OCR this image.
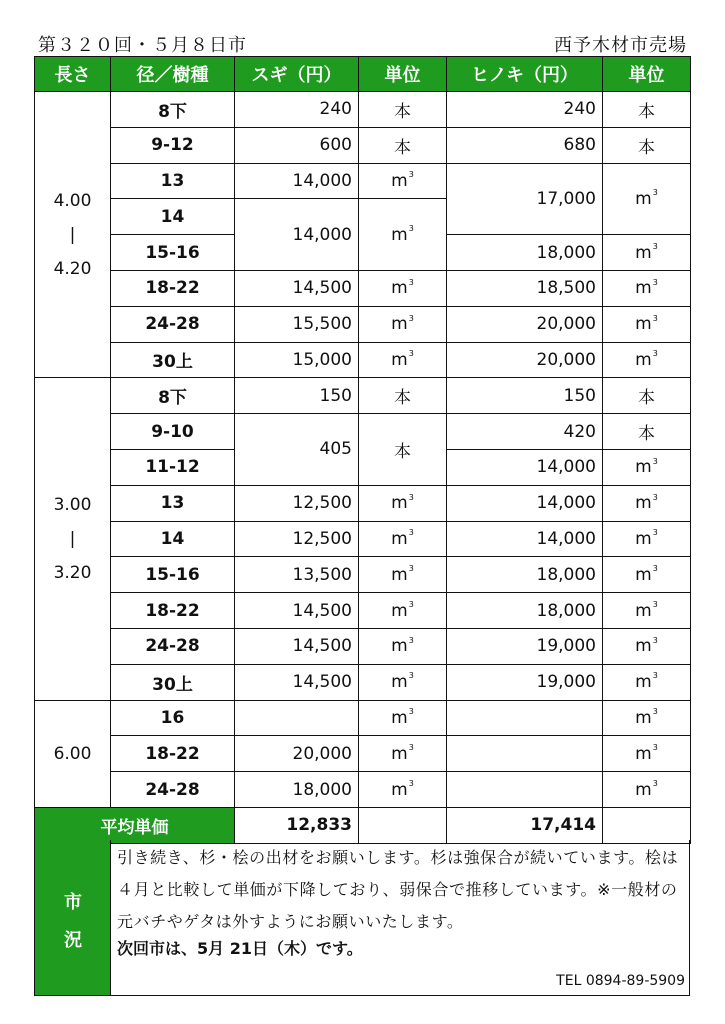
第３２０回・５月８日市	西予木材市売場
長さ	径／樹種	スギ（円）	単位	ヒノキ（円）	単位

4.00
|
4.20	8下	240	本	240	本
	9-12	600	本	680	本
	13	14,000	$m^3$	17,000	$m^3$
	14	14,000	$m^3$
	15-16			18,000	$m^3$
	18-22	14,500	$m^3$	18,500	$m^3$
	24-28	15,500	$m^3$	20,000	$m^3$
	30上	15,000	$m^3$	20,000	$m^3$

3.00
|
3.20	8下	150	本	150	本
	9-10	405	本	420	本
	11-12			14,000	$m^3$
	13	12,500	$m^3$	14,000	$m^3$
	14	12,500	$m^3$	14,000	$m^3$
	15-16	13,500	$m^3$	18,000	$m^3$
	18-22	14,500	$m^3$	18,000	$m^3$
	24-28	14,500	$m^3$	19,000	$m^3$
	30上	14,500	$m^3$	19,000	$m^3$
6.00	16		$m^3$		$m^3$
	18-22	20,000	$m^3$		$m^3$
	24-28	18,000	$m^3$		$m^3$
平均単価		12,833		17,414	
市
況
引き続き、杉・桧の出材をお願いします。杉は強保合が続いています。桧は４月と比較して単価が下降しており、弱保合で推移しています。※一般材の元バチやゲタは外すようにお願いいたします。
次回市は、5月 21日（木）です。
TEL 0894-89-5909
